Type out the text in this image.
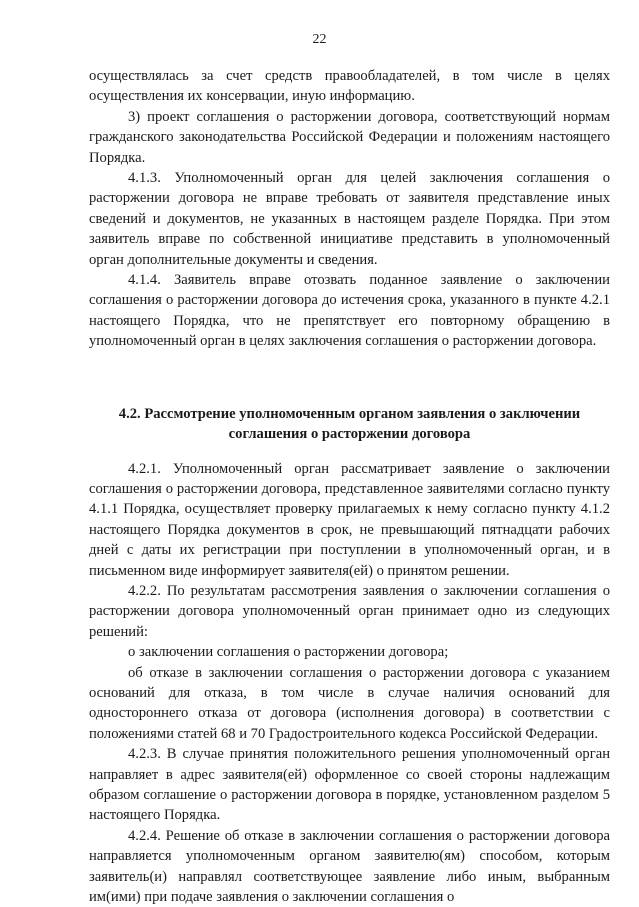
22

осуществлялась за счет средств правообладателей, в том числе в целях осуществления их консервации, иную информацию.

3) проект соглашения о расторжении договора, соответствующий нормам гражданского законодательства Российской Федерации и положениям настоящего Порядка.

4.1.3. Уполномоченный орган для целей заключения соглашения о расторжении договора не вправе требовать от заявителя представление иных сведений и документов, не указанных в настоящем разделе Порядка. При этом заявитель вправе по собственной инициативе представить в уполномоченный орган дополнительные документы и сведения.

4.1.4. Заявитель вправе отозвать поданное заявление о заключении соглашения о расторжении договора до истечения срока, указанного в пункте 4.2.1 настоящего Порядка, что не препятствует его повторному обращению в уполномоченный орган в целях заключения соглашения о расторжении договора.

4.2. Рассмотрение уполномоченным органом заявления о заключении

соглашения о расторжении договора

4.2.1. Уполномоченный орган рассматривает заявление о заключении соглашения о расторжении договора, представленное заявителями согласно пункту 4.1.1 Порядка, осуществляет проверку прилагаемых к нему согласно пункту 4.1.2 настоящего Порядка документов в срок, не превышающий пятнадцати рабочих дней с даты их регистрации при поступлении в уполномоченный орган, и в письменном виде информирует заявителя(ей) о принятом решении.

4.2.2. По результатам рассмотрения заявления о заключении соглашения о расторжении договора уполномоченный орган принимает одно из следующих решений:

о заключении соглашения о расторжении договора;

об отказе в заключении соглашения о расторжении договора с указанием оснований для отказа, в том числе в случае наличия оснований для одностороннего отказа от договора (исполнения договора) в соответствии с положениями статей 68 и 70 Градостроительного кодекса Российской Федерации.

4.2.3. В случае принятия положительного решения уполномоченный орган направляет в адрес заявителя(ей) оформленное со своей стороны надлежащим образом соглашение о расторжении договора в порядке, установленном разделом 5 настоящего Порядка.

4.2.4. Решение об отказе в заключении соглашения о расторжении договора направляется уполномоченным органом заявителю(ям) способом, которым заявитель(и) направлял соответствующее заявление либо иным, выбранным им(ими) при подаче заявления о заключении соглашения о
